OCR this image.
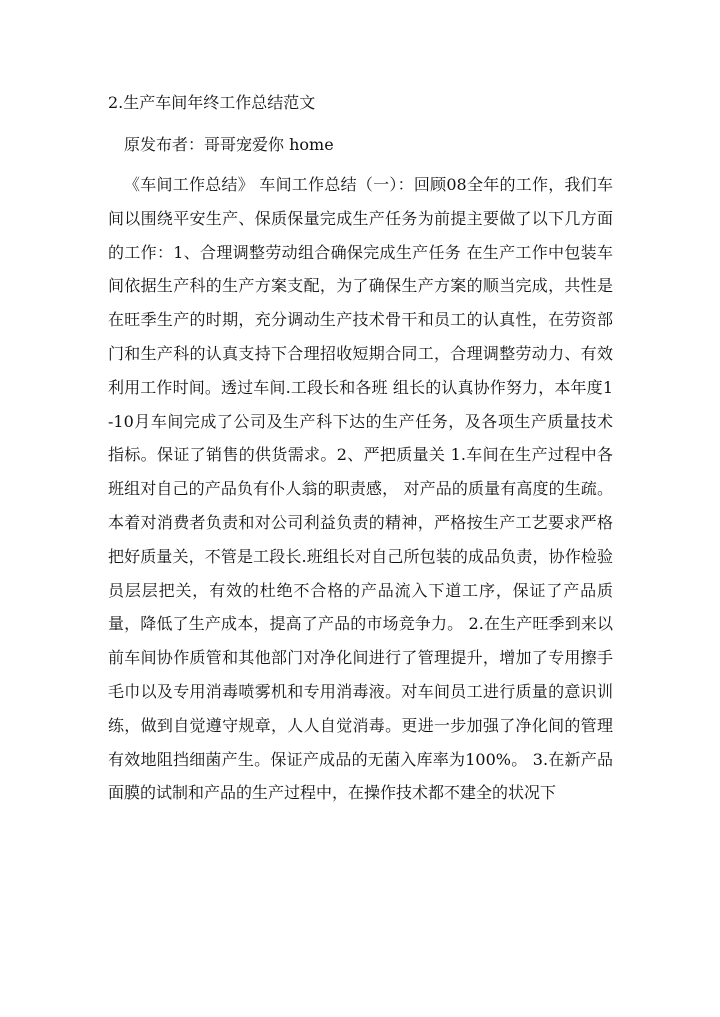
2.生产车间年终工作总结范文
原发布者：哥哥宠爱你 home

《车间工作总结》 车间工作总结（一）：回顾08全年的工作，我们车间以围绕平安生产、保质保量完成生产任务为前提主要做了以下几方面的工作：1、合理调整劳动组合确保完成生产任务 在生产工作中包装车间依据生产科的生产方案支配，为了确保生产方案的顺当完成，共性是在旺季生产的时期，充分调动生产技术骨干和员工的认真性，在劳资部门和生产科的认真支持下合理招收短期合同工，合理调整劳动力、有效利用工作时间。透过车间.工段长和各班 组长的认真协作努力，本年度1-10月车间完成了公司及生产科下达的生产任务，及各项生产质量技术指标。保证了销售的供货需求。2、严把质量关 1.车间在生产过程中各班组对自己的产品负有仆人翁的职责感， 对产品的质量有高度的生疏。本着对消费者负责和对公司利益负责的精神，严格按生产工艺要求严格把好质量关，不管是工段长.班组长对自己所包装的成品负责，协作检验员层层把关，有效的杜绝不合格的产品流入下道工序，保证了产品质量，降低了生产成本，提高了产品的市场竞争力。 2.在生产旺季到来以前车间协作质管和其他部门对净化间进行了管理提升，增加了专用擦手毛巾以及专用消毒喷雾机和专用消毒液。对车间员工进行质量的意识训练，做到自觉遵守规章，人人自觉消毒。更进一步加强了净化间的管理有效地阻挡细菌产生。保证产成品的无菌入库率为100%。 3.在新产品面膜的试制和产品的生产过程中，在操作技术都不建全的状况下
